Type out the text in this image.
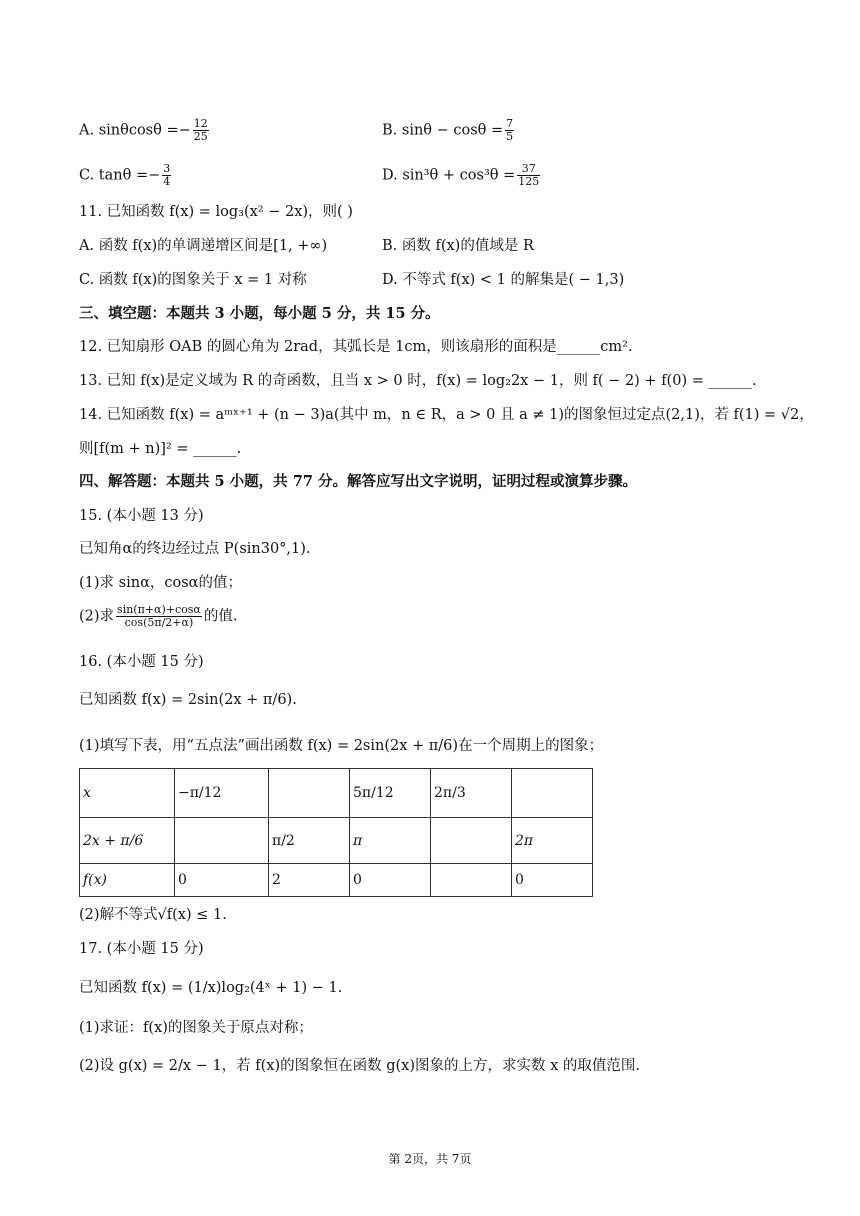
A. $\sin\theta\cos\theta =- \frac{12}{25}$	B. $\sin\theta - \cos\theta = \frac{7}{5}$
C. $\tan\theta =- \frac{3}{4}$	D. $\sin^3\theta + \cos^3\theta = \frac{37}{125}$
11. 已知函数 f(x) = log₃(x² − 2x)，则( )
A. 函数 f(x)的单调递增区间是[1, +∞)	B. 函数 f(x)的值域是 R
C. 函数 f(x)的图象关于 x = 1 对称	D. 不等式 f(x) < 1 的解集是( − 1,3)
三、填空题：本题共 3 小题，每小题 5 分，共 15 分。
12. 已知扇形 OAB 的圆心角为 2rad，其弧长是 1cm，则该扇形的面积是______cm².
13. 已知 f(x)是定义域为 R 的奇函数，且当 x > 0 时，f(x) = log₂2x − 1，则 f( − 2) + f(0) = ______.
14. 已知函数 f(x) = aᵐˣ⁺¹ + (n − 3)a(其中 m，n ∈ R，a > 0 且 a ≠ 1)的图象恒过定点(2,1)，若 f(1) = √2，
则[f(m + n)]² = ______.
四、解答题：本题共 5 小题，共 77 分。解答应写出文字说明，证明过程或演算步骤。
15. (本小题 13 分)
已知角α的终边经过点 P(sin30°,1).
(1)求 sinα，cosα的值；
(2)求 $\frac{\sin(\pi+\alpha)+\cos\alpha}{\cos(5\pi/2+\alpha)}$ 的值.
16. (本小题 15 分)
已知函数 f(x) = 2sin(2x + π/6).
(1)填写下表，用“五点法”画出函数 f(x) = 2sin(2x + π/6)在一个周期上的图象；
x	−π/12		5π/12	2π/3	
2x + π/6		π/2	π		2π
f(x)	0	2	0		0
(2)解不等式√f(x) ≤ 1.
17. (本小题 15 分)
已知函数 f(x) = (1/x)log₂(4ˣ + 1) − 1.
(1)求证：f(x)的图象关于原点对称；
(2)设 g(x) = 2/x − 1，若 f(x)的图象恒在函数 g(x)图象的上方，求实数 x 的取值范围.
第 2页，共 7页
